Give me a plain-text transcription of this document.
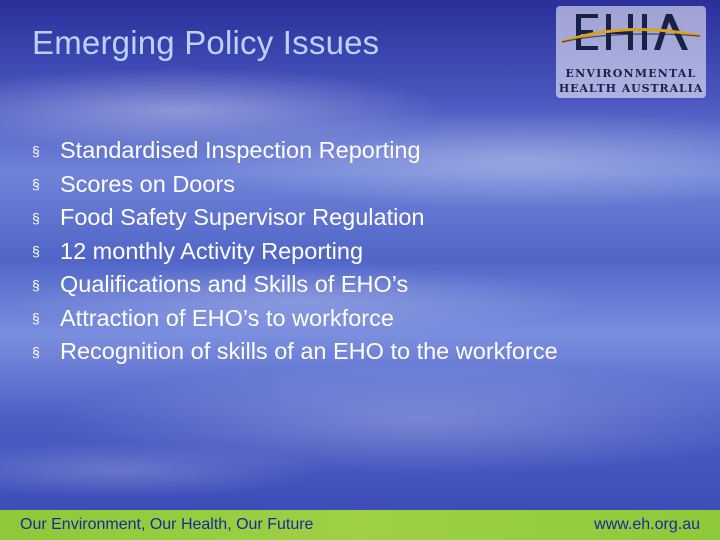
Emerging Policy Issues
ENVIRONMENTAL
HEALTH AUSTRALIA
§ Standardised Inspection Reporting
§ Scores on Doors
§ Food Safety Supervisor Regulation
§ 12 monthly Activity Reporting
§ Qualifications and Skills of EHO’s
§ Attraction of EHO’s to workforce
§ Recognition of skills of an EHO to the workforce
Our Environment, Our Health, Our Future	www.eh.org.au
